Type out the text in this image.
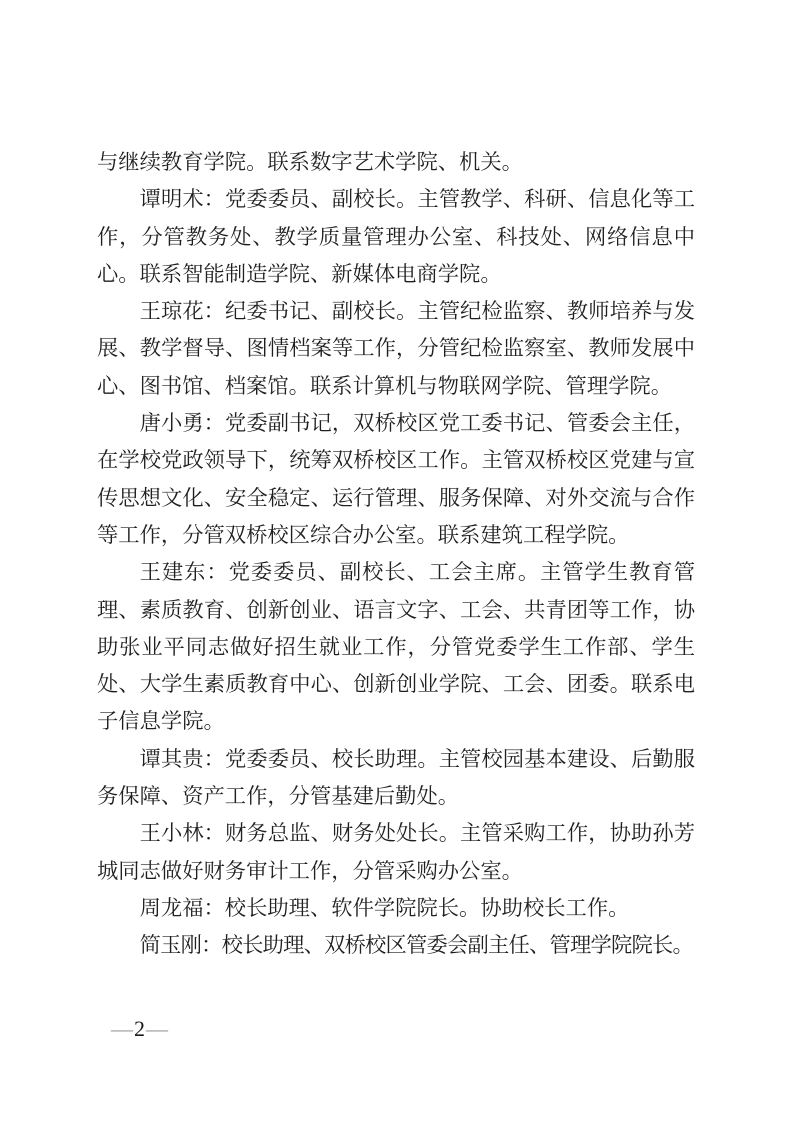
与继续教育学院。联系数字艺术学院、机关。

谭明术：党委委员、副校长。主管教学、科研、信息化等工作，分管教务处、教学质量管理办公室、科技处、网络信息中心。联系智能制造学院、新媒体电商学院。

王琼花：纪委书记、副校长。主管纪检监察、教师培养与发展、教学督导、图情档案等工作，分管纪检监察室、教师发展中心、图书馆、档案馆。联系计算机与物联网学院、管理学院。

唐小勇：党委副书记，双桥校区党工委书记、管委会主任，在学校党政领导下，统筹双桥校区工作。主管双桥校区党建与宣传思想文化、安全稳定、运行管理、服务保障、对外交流与合作等工作，分管双桥校区综合办公室。联系建筑工程学院。

王建东：党委委员、副校长、工会主席。主管学生教育管理、素质教育、创新创业、语言文字、工会、共青团等工作，协助张业平同志做好招生就业工作，分管党委学生工作部、学生处、大学生素质教育中心、创新创业学院、工会、团委。联系电子信息学院。

谭其贵：党委委员、校长助理。主管校园基本建设、后勤服务保障、资产工作，分管基建后勤处。

王小林：财务总监、财务处处长。主管采购工作，协助孙芳城同志做好财务审计工作，分管采购办公室。

周龙福：校长助理、软件学院院长。协助校长工作。

简玉刚：校长助理、双桥校区管委会副主任、管理学院院长。

—2—
